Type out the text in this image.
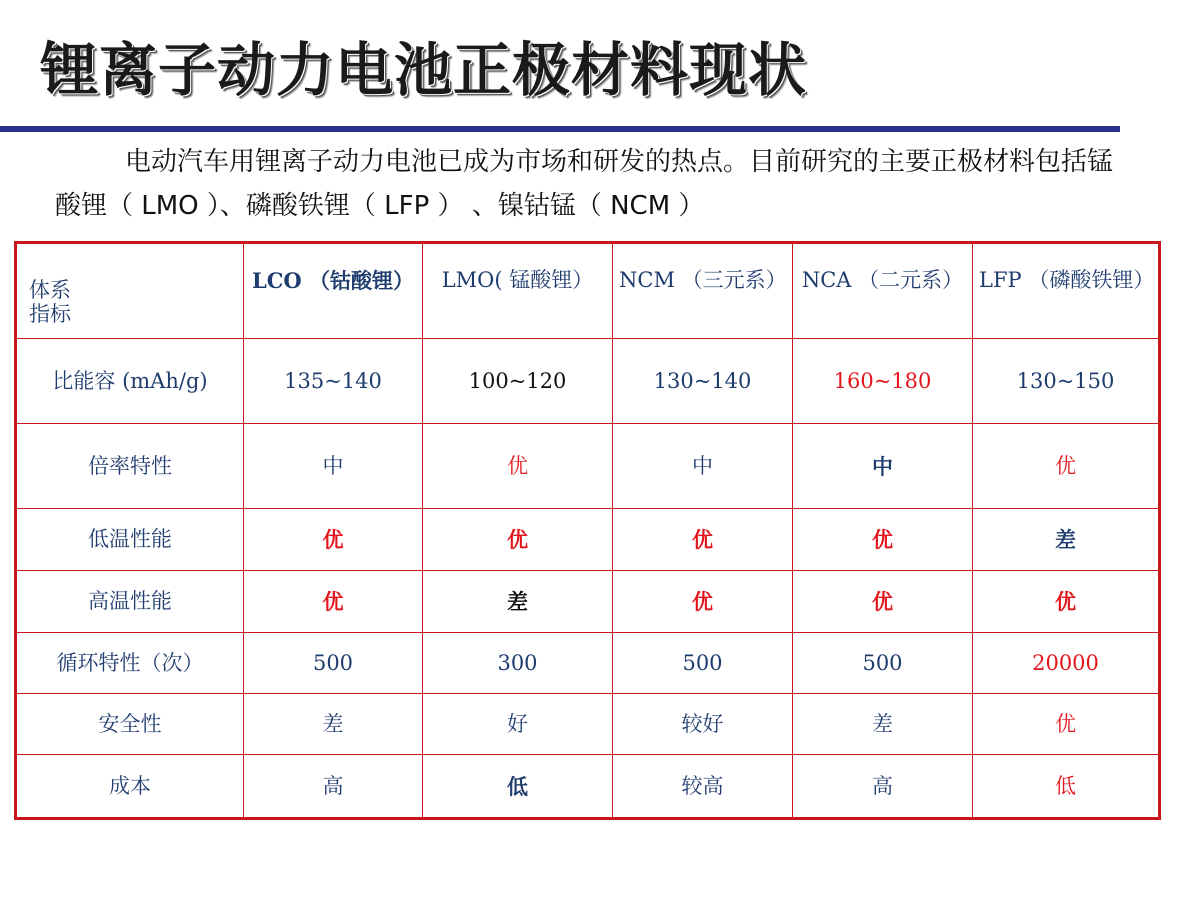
锂离子动力电池正极材料现状

电动汽车用锂离子动力电池已成为市场和研发的热点。目前研究的主要正极材料包括锰酸锂（ LMO ）、磷酸铁锂（ LFP ） 、镍钴锰（ NCM ）

体系
指标	LCO （钴酸锂）	LMO( 锰酸锂）	NCM （三元系）	NCA （二元系）	LFP （磷酸铁锂）
比能容 (mAh/g)	135~140	100~120	130~140	160~180	130~150
倍率特性	中	优	中	中	优
低温性能	优	优	优	优	差
高温性能	优	差	优	优	优
循环特性（次）	500	300	500	500	20000
安全性	差	好	较好	差	优
成本	高	低	较高	高	低
